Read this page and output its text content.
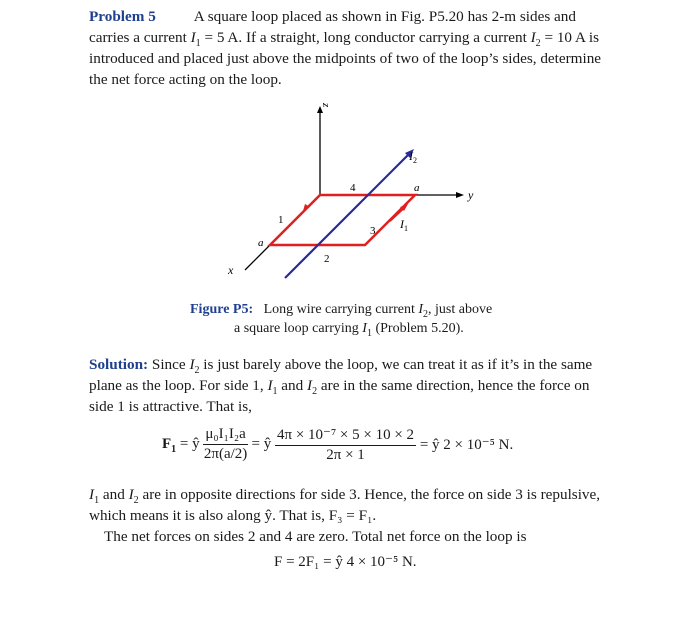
Problem 5	A square loop placed as shown in Fig. P5.20 has 2-m sides and
carries a current $I_1 = 5$ A. If a straight, long conductor carrying a current $I_2 = 10$ A is
introduced and placed just above the midpoints of two of the loop’s sides, determine
the net force acting on the loop.
z
y
x
4	a
1
a
3
2
$I_2$
$I_1$
Figure P5: Long wire carrying current $I_2$, just above
a square loop carrying $I_1$ (Problem 5.20).
Solution: Since $I_2$ is just barely above the loop, we can treat it as if it’s in the same
plane as the loop. For side 1, $I_1$ and $I_2$ are in the same direction, hence the force on
side 1 is attractive. That is,
$F_1$ = ŷ $\frac{\text{μ₀I₁I₂a}}{2\pi(a/2)}$ = ŷ $\frac{\text{4π × 10⁻⁷ × 5 × 10 × 2}}{2\pi \times 1}$ = ŷ 2 × 10⁻⁵ N.
$I_1$ and $I_2$ are in opposite directions for side 3. Hence, the force on side 3 is repulsive,
which means it is also along ŷ. That is, F₃ = F₁.
The net forces on sides 2 and 4 are zero. Total net force on the loop is
F = 2F₁ = ŷ 4 × 10⁻⁵ N.
